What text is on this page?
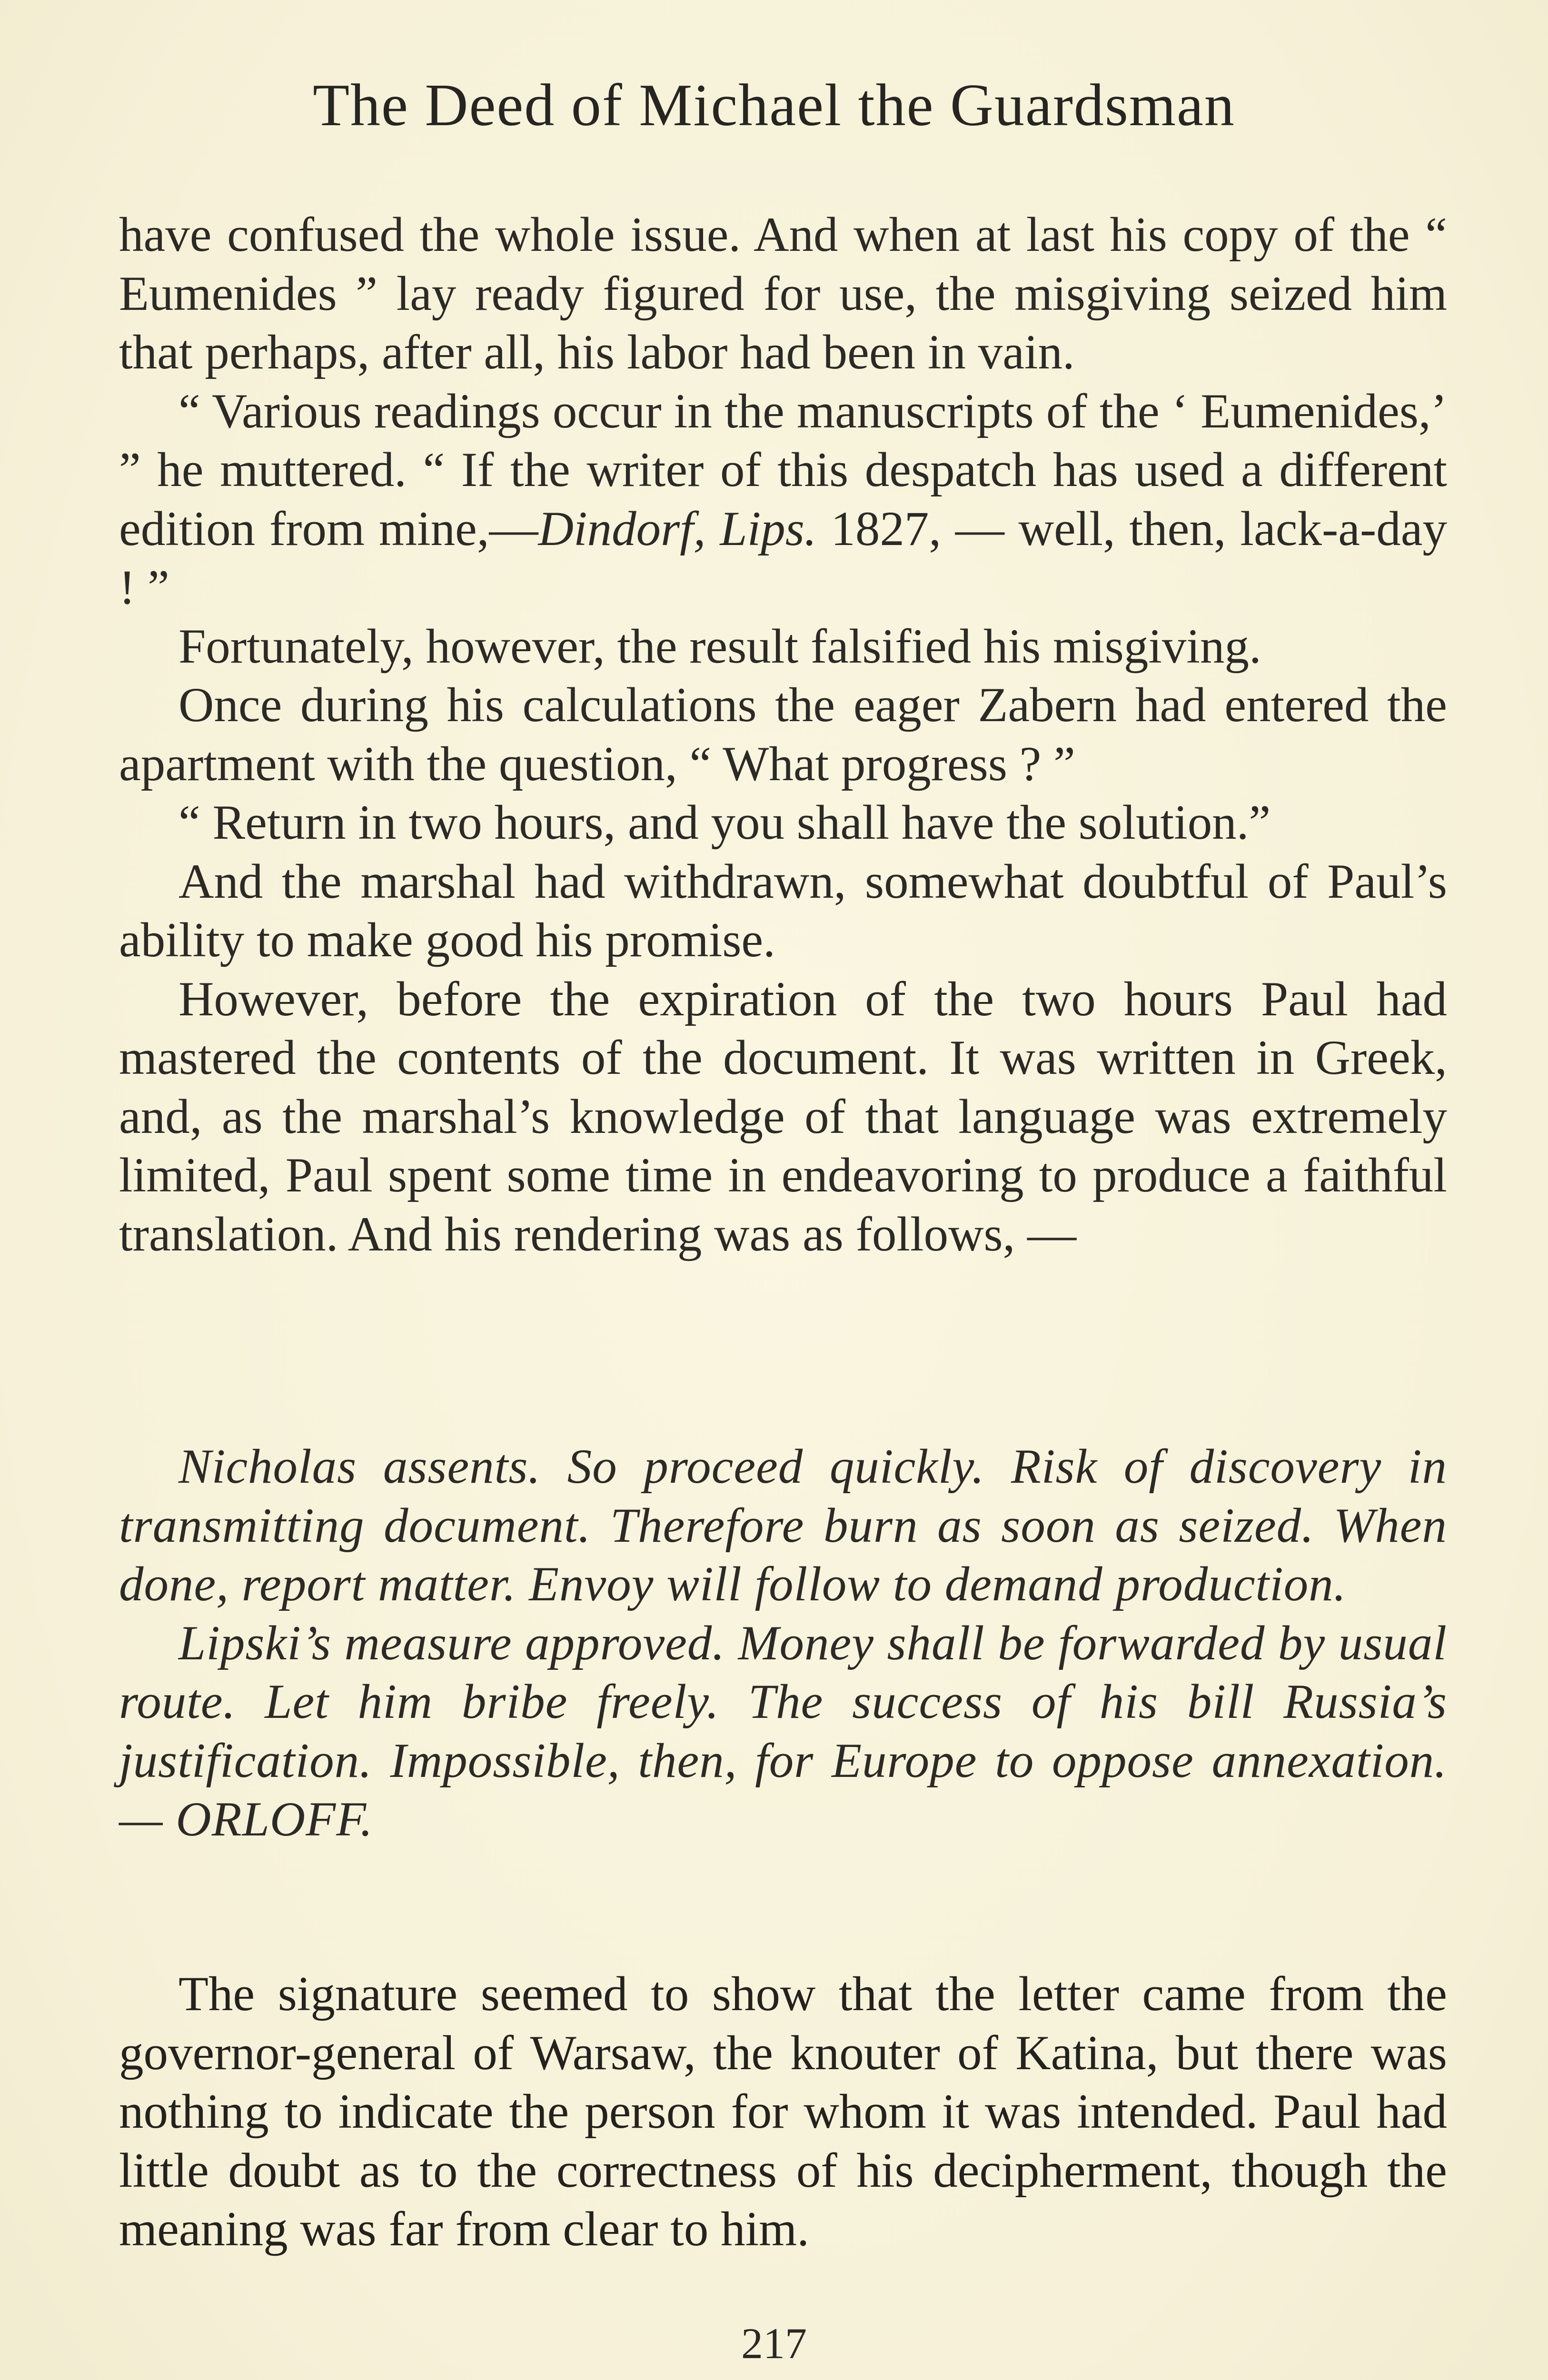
The Deed of Michael the Guardsman

have confused the whole issue. And when at last his copy of the “ Eumenides ” lay ready figured for use, the misgiving seized him that perhaps, after all, his labor had been in vain.

“ Various readings occur in the manuscripts of the ‘ Eumenides,’ ” he muttered. “ If the writer of this despatch has used a different edition from mine,—Dindorf, Lips. 1827, — well, then, lack-a-day ! ”

Fortunately, however, the result falsified his misgiving.

Once during his calculations the eager Zabern had entered the apartment with the question, “ What progress ? ”

“ Return in two hours, and you shall have the solution.”

And the marshal had withdrawn, somewhat doubtful of Paul’s ability to make good his promise.

However, before the expiration of the two hours Paul had mastered the contents of the document. It was written in Greek, and, as the marshal’s knowledge of that language was extremely limited, Paul spent some time in endeavoring to produce a faithful translation. And his rendering was as follows, —

Nicholas assents. So proceed quickly. Risk of discovery in transmitting document. Therefore burn as soon as seized. When done, report matter. Envoy will follow to demand production.

Lipski’s measure approved. Money shall be forwarded by usual route. Let him bribe freely. The success of his bill Russia’s justification. Impossible, then, for Europe to oppose annexation. — ORLOFF.

The signature seemed to show that the letter came from the governor-general of Warsaw, the knouter of Katina, but there was nothing to indicate the person for whom it was intended. Paul had little doubt as to the correctness of his decipherment, though the meaning was far from clear to him.

217
